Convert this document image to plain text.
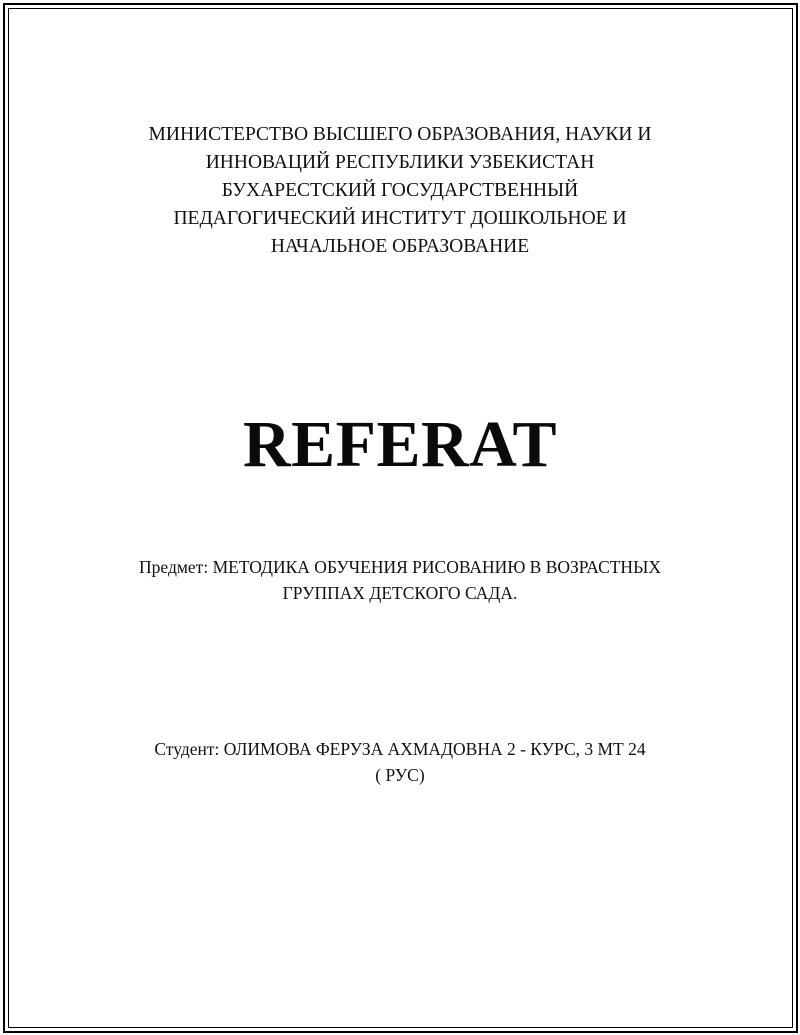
МИНИСТЕРСТВО ВЫСШЕГО ОБРАЗОВАНИЯ, НАУКИ И
ИННОВАЦИЙ РЕСПУБЛИКИ УЗБЕКИСТАН
БУХАРЕСТСКИЙ ГОСУДАРСТВЕННЫЙ
ПЕДАГОГИЧЕСКИЙ ИНСТИТУТ ДОШКОЛЬНОЕ И
НАЧАЛЬНОЕ ОБРАЗОВАНИЕ
REFERAT
Предмет: МЕТОДИКА ОБУЧЕНИЯ РИСОВАНИЮ В ВОЗРАСТНЫХ
ГРУППАХ ДЕТСКОГО САДА.
Студент: ОЛИМОВА ФЕРУЗА АХМАДОВНА 2 - КУРС, 3 МТ 24
( РУС)
